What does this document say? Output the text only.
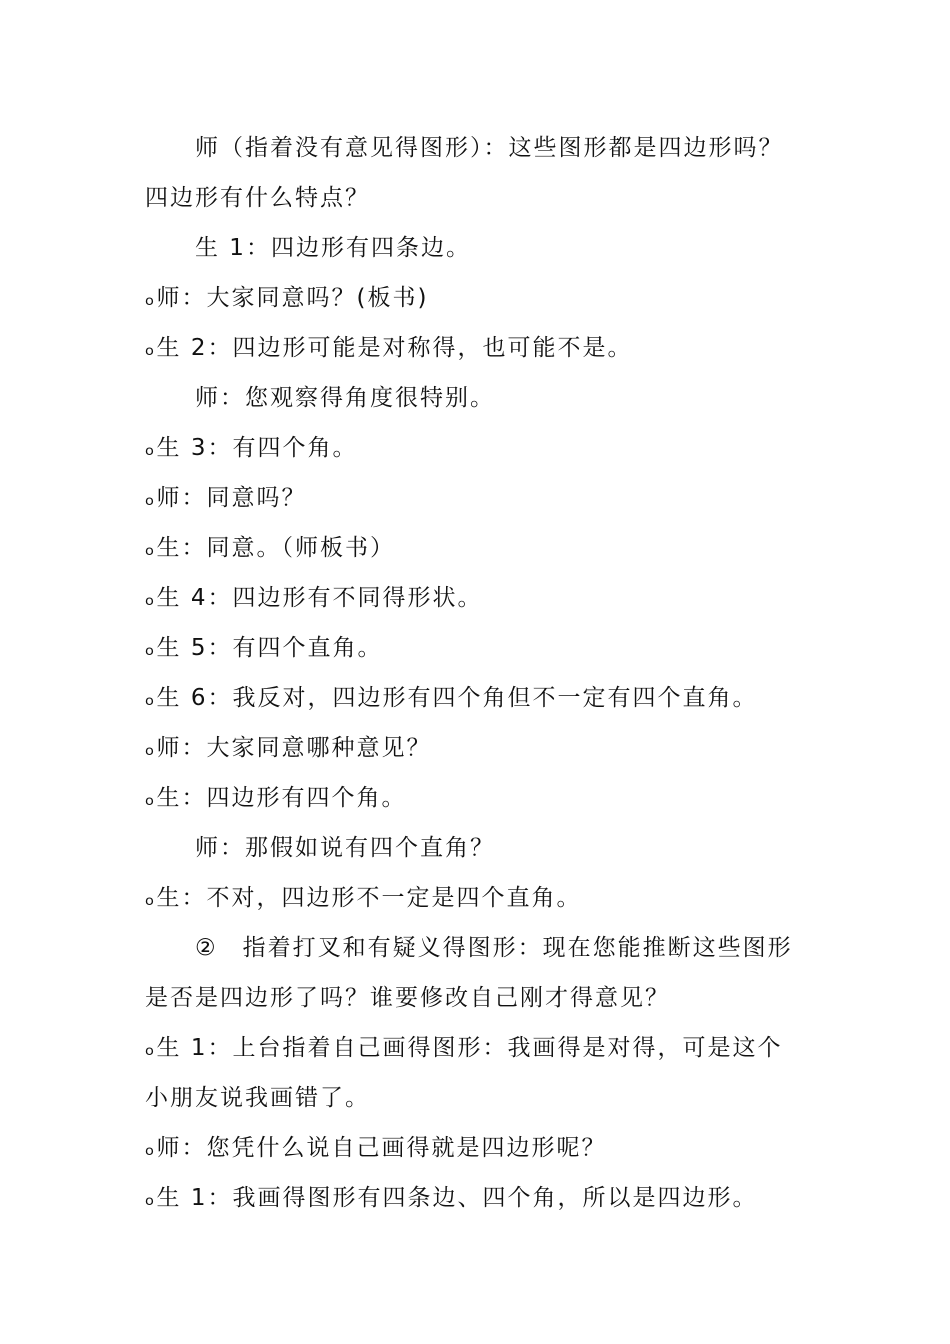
　　师（指着没有意见得图形）：这些图形都是四边形吗？
四边形有什么特点？
　　生 1：四边形有四条边。
ₒ师：大家同意吗？(板书)
ₒ生 2：四边形可能是对称得，也可能不是。
　　师：您观察得角度很特别。
ₒ生 3：有四个角。
ₒ师：同意吗？
ₒ生：同意。（师板书）
ₒ生 4：四边形有不同得形状。
ₒ生 5：有四个直角。
ₒ生 6：我反对，四边形有四个角但不一定有四个直角。
ₒ师：大家同意哪种意见？
ₒ生：四边形有四个角。
　　师：那假如说有四个直角？
ₒ生：不对，四边形不一定是四个直角。
　　②　指着打叉和有疑义得图形：现在您能推断这些图形
是否是四边形了吗？谁要修改自己刚才得意见？
ₒ生 1：上台指着自己画得图形：我画得是对得，可是这个
小朋友说我画错了。
ₒ师：您凭什么说自己画得就是四边形呢？
ₒ生 1：我画得图形有四条边、四个角，所以是四边形。
